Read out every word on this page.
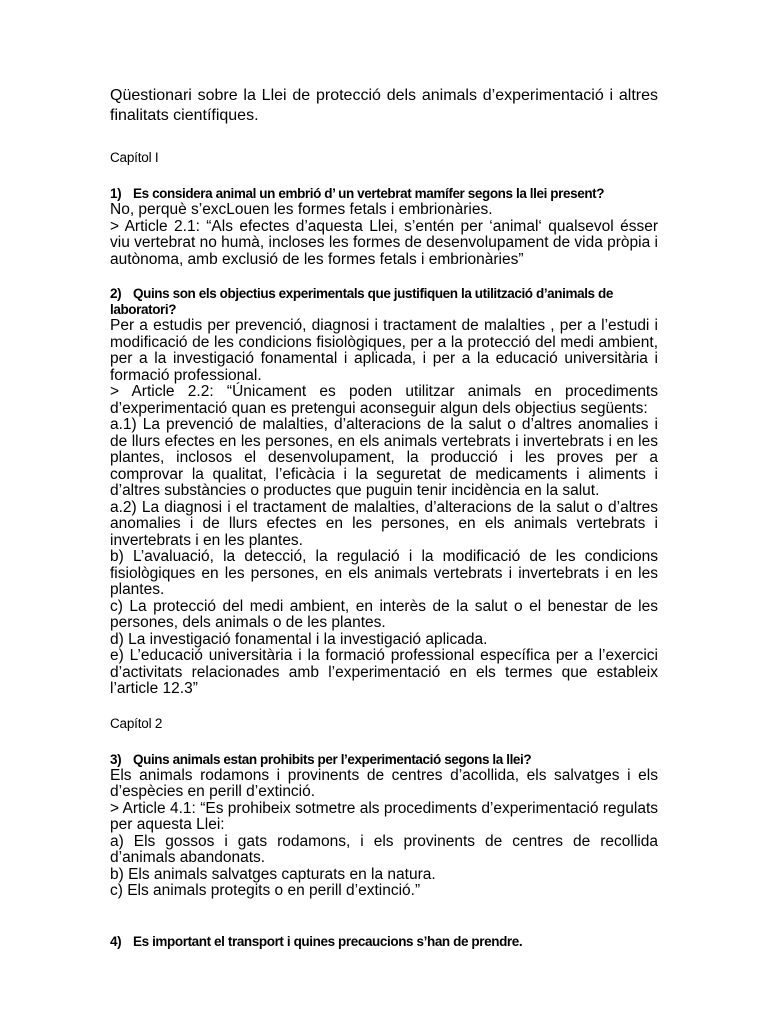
Qüestionari sobre la Llei de protecció dels animals d’experimentació i altres finalitats científiques.

Capítol I

1) Es considera animal un embrió d’ un vertebrat mamífer segons la llei present?

No, perquè s’excLouen les formes fetals i embrionàries.

> Article 2.1: “Als efectes d’aquesta Llei, s’entén per ‘animal‘ qualsevol ésser viu vertebrat no humà, incloses les formes de desenvolupament de vida pròpia i autònoma, amb exclusió de les formes fetals i embrionàries”

2) Quins son els objectius experimentals que justifiquen la utilització d’animals de laboratori?

Per a estudis per prevenció, diagnosi i tractament de malalties , per a l’estudi i modificació de les condicions fisiològiques, per a la protecció del medi ambient, per a la investigació fonamental i aplicada, i per a la educació universitària i formació professional.

> Article 2.2: “Únicament es poden utilitzar animals en procediments d’experimentació quan es pretengui aconseguir algun dels objectius següents:

a.1) La prevenció de malalties, d’alteracions de la salut o d’altres anomalies i de llurs efectes en les persones, en els animals vertebrats i invertebrats i en les plantes, inclosos el desenvolupament, la producció i les proves per a comprovar la qualitat, l’eficàcia i la seguretat de medicaments i aliments i d’altres substàncies o productes que puguin tenir incidència en la salut.

a.2) La diagnosi i el tractament de malalties, d’alteracions de la salut o d’altres anomalies i de llurs efectes en les persones, en els animals vertebrats i invertebrats i en les plantes.

b) L’avaluació, la detecció, la regulació i la modificació de les condicions fisiològiques en les persones, en els animals vertebrats i invertebrats i en les plantes.

c) La protecció del medi ambient, en interès de la salut o el benestar de les persones, dels animals o de les plantes.

d) La investigació fonamental i la investigació aplicada.

e) L’educació universitària i la formació professional específica per a l’exercici d’activitats relacionades amb l’experimentació en els termes que estableix l’article 12.3”

Capítol 2

3) Quins animals estan prohibits per l’experimentació segons la llei?

Els animals rodamons i provinents de centres d’acollida, els salvatges i els d’espècies en perill d’extinció.

> Article 4.1: “Es prohibeix sotmetre als procediments d’experimentació regulats per aquesta Llei:

a) Els gossos i gats rodamons, i els provinents de centres de recollida d’animals abandonats.

b) Els animals salvatges capturats en la natura.

c) Els animals protegits o en perill d’extinció.”

4) Es important el transport i quines precaucions s’han de prendre.
